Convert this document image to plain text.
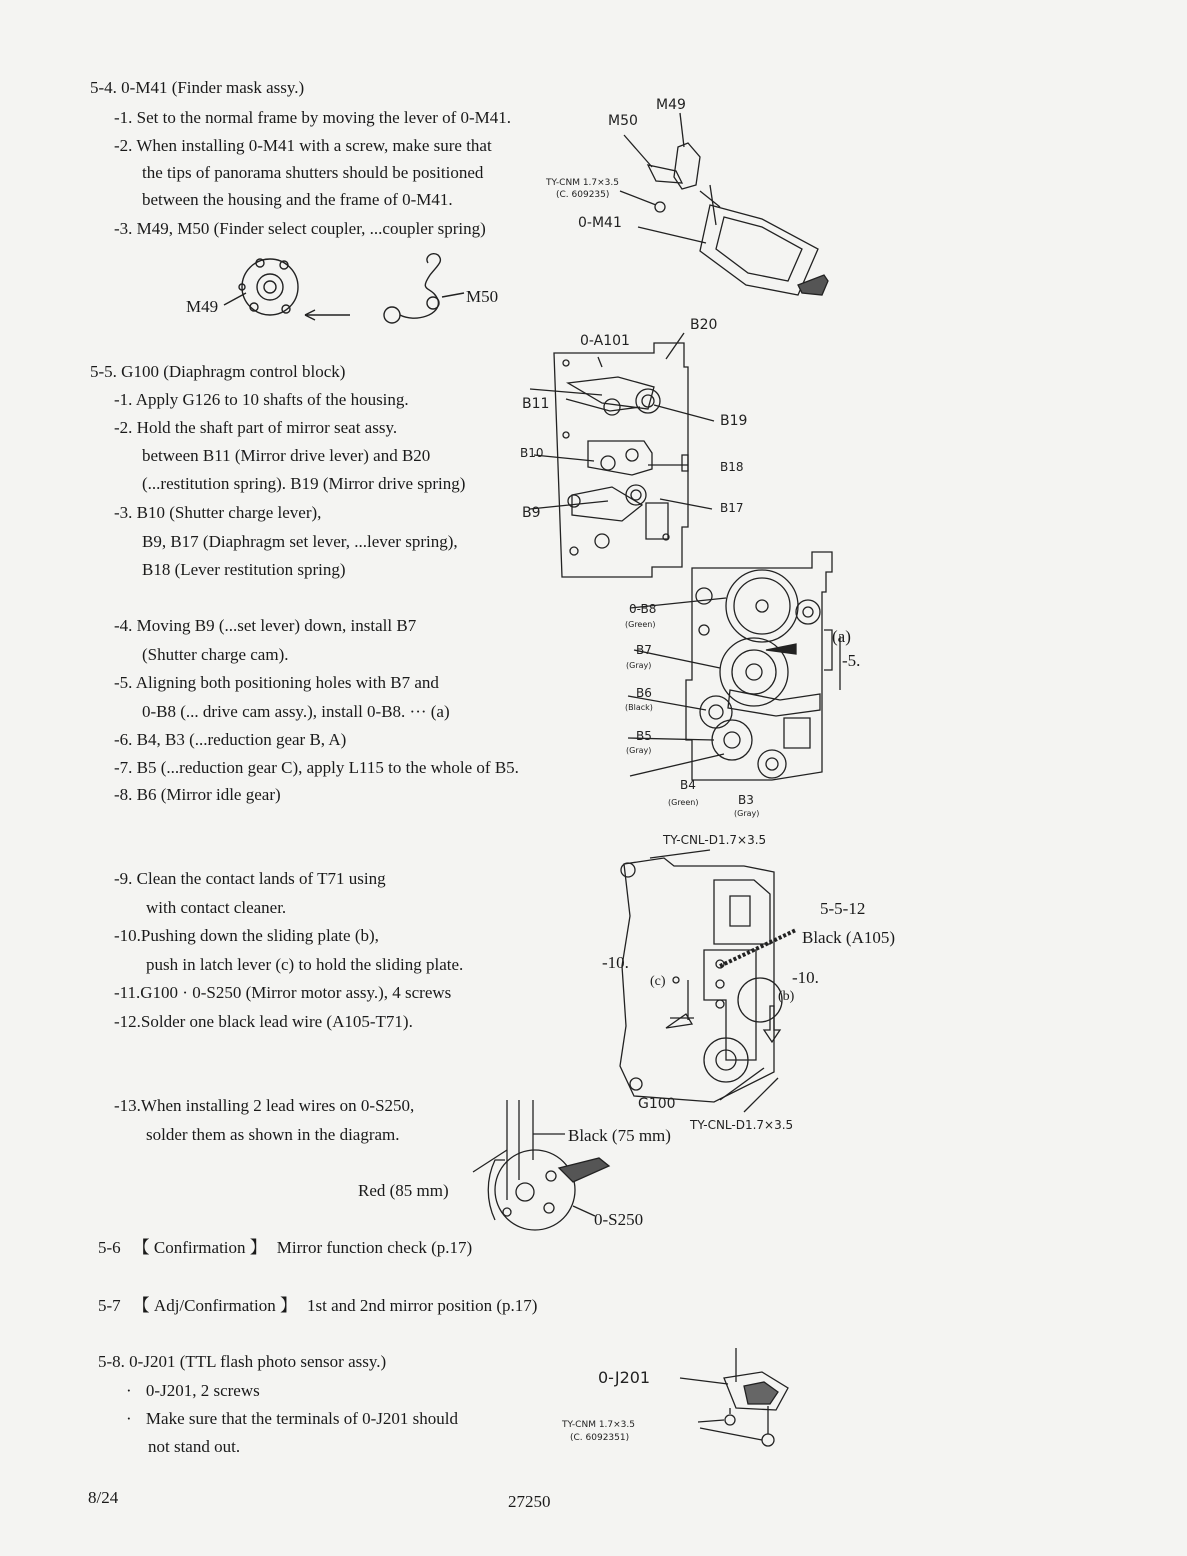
5-4. 0-M41 (Finder mask assy.)
-1. Set to the normal frame by moving the lever of 0-M41.
-2. When installing 0-M41 with a screw, make sure that
the tips of panorama shutters should be positioned
between the housing and the frame of 0-M41.
-3. M49, M50 (Finder select coupler, ...coupler spring)
M49
M50
M49
M50
TY-CNM 1.7×3.5
(C. 609235)
0-M41
5-5. G100 (Diaphragm control block)
-1. Apply G126 to 10 shafts of the housing.
-2. Hold the shaft part of mirror seat assy.
between B11 (Mirror drive lever) and B20
(...restitution spring). B19 (Mirror drive spring)
-3. B10 (Shutter charge lever),
B9, B17 (Diaphragm set lever, ...lever spring),
B18 (Lever restitution spring)
-4. Moving B9 (...set lever) down, install B7
(Shutter charge cam).
-5. Aligning both positioning holes with B7 and
0-B8 (... drive cam assy.), install 0-B8. ··· (a)
-6. B4, B3 (...reduction gear B, A)
-7. B5 (...reduction gear C), apply L115 to the whole of B5.
-8. B6 (Mirror idle gear)
-9. Clean the contact lands of T71 using
with contact cleaner.
-10.Pushing down the sliding plate (b),
push in latch lever (c) to hold the sliding plate.
-11.G100 · 0-S250 (Mirror motor assy.), 4 screws
-12.Solder one black lead wire (A105-T71).
-13.When installing 2 lead wires on 0-S250,
solder them as shown in the diagram.
0-A101
B20
B11
B19
B10
B18
B9	B17
0-B8
(Green)
B7
(Gray)
B6
(Black)
B5
(Gray)
B4
(Green)	B3
(Gray)
(a)
-5.
TY-CNL-D1.7×3.5
5-5-12
Black (A105)
-10.
-10.
(c)
(b)
G100
TY-CNL-D1.7×3.5
Black (75 mm)
Red (85 mm)
0-S250
5-6 【 Confirmation 】 Mirror function check (p.17)
5-7 【 Adj/Confirmation 】 1st and 2nd mirror position (p.17)
5-8. 0-J201 (TTL flash photo sensor assy.)
· 0-J201, 2 screws
· Make sure that the terminals of 0-J201 should
not stand out.
0-J201
TY-CNM 1.7×3.5
(C. 6092351)
8/24	27250
